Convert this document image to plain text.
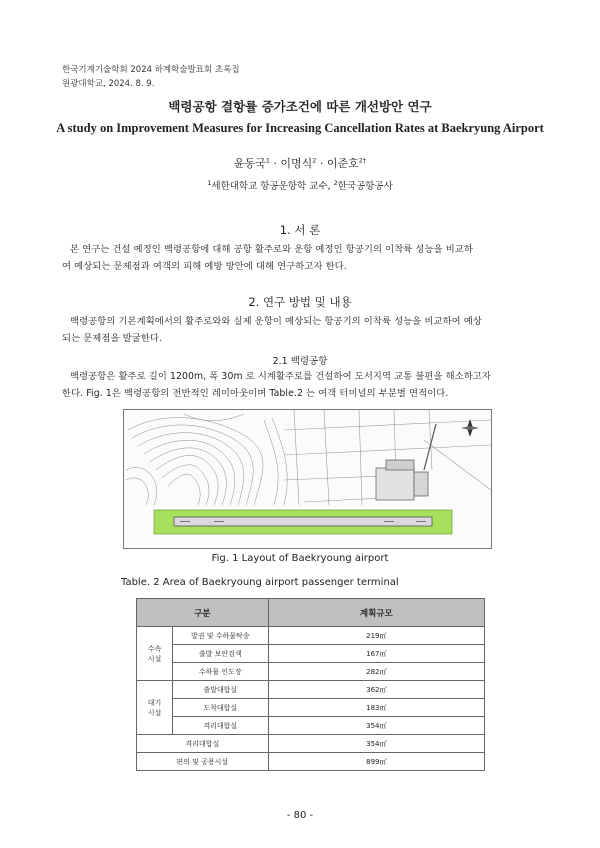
한국기계기술학회 2024 하계학술발표회 초록집
원광대학교, 2024. 8. 9.
백령공항 결항률 증가조건에 따른 개선방안 연구
A study on Improvement Measures for Increasing Cancellation Rates at Baekryung Airport
윤동국$^1$ · 이명식$^2$ · 이준호$^{2\dagger}$
$^1$세한대학교 항공운항학 교수, $^2$한국공항공사
1. 서 론
본 연구는 건설 예정인 백령공항에 대해 공항 활주로와 운항 예정인 항공기의 이착륙 성능을 비교하
여 예상되는 문제점과 여객의 피해 예방 방안에 대해 연구하고자 한다.
2. 연구 방법 및 내용
백령공항의 기본계획에서의 활주로와와 실제 운항이 예상되는 항공기의 이착륙 성능을 비교하여 예상
되는 문제점을 발굴한다.
2.1 백령공항
백령공항은 활주로 길이 1200m, 폭 30m 로 시계활주로를 건설하여 도서지역 교통 불편을 해소하고자
한다. Fig. 1은 백령공항의 전반적인 레이아웃이며 Table.2 는 여객 터미널의 부분별 면적이다.
Fig. 1 Layout of Baekryoung airport
Table. 2 Area of Baekryoung airport passenger terminal
구분		계획규모
수속
시설	발권 및 수하물탁송	219㎡
	출발 보안검색	167㎡
	수하물 인도장	282㎡
대기
시설	출발대합실	362㎡
	도착대합실	183㎡
	격리대합실	354㎡
격리대합실		354㎡
편의 및 공용시설		899㎡
- 80 -
